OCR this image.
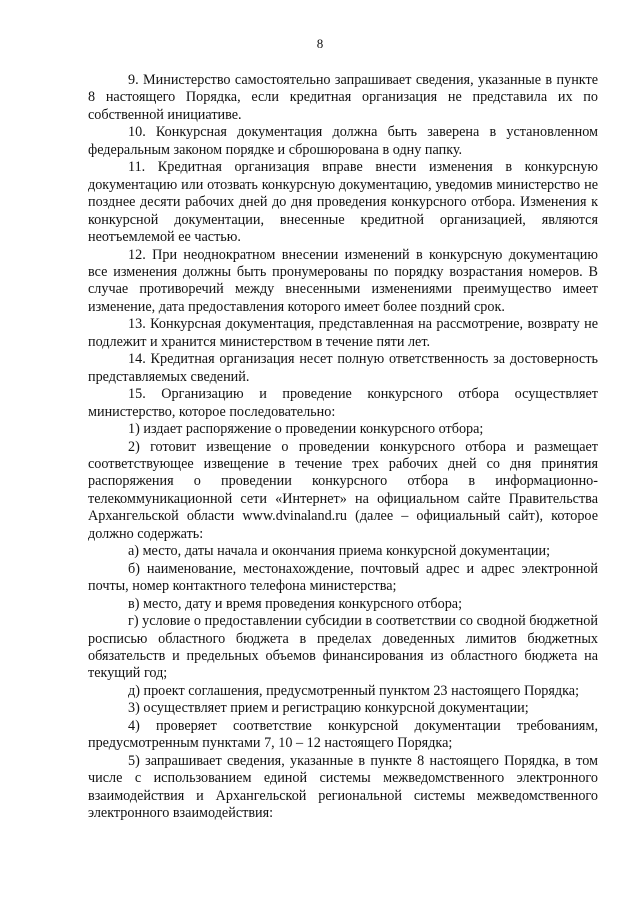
8

9. Министерство самостоятельно запрашивает сведения, указанные в пункте 8 настоящего Порядка, если кредитная организация не представила их по собственной инициативе.

10. Конкурсная документация должна быть заверена в установленном федеральным законом порядке и сброшюрована в одну папку.

11. Кредитная организация вправе внести изменения в конкурсную документацию или отозвать конкурсную документацию, уведомив министерство не позднее десяти рабочих дней до дня проведения конкурсного отбора. Изменения к конкурсной документации, внесенные кредитной организацией, являются неотъемлемой ее частью.

12. При неоднократном внесении изменений в конкурсную документацию все изменения должны быть пронумерованы по порядку возрастания номеров. В случае противоречий между внесенными изменениями преимущество имеет изменение, дата предоставления которого имеет более поздний срок.

13. Конкурсная документация, представленная на рассмотрение, возврату не подлежит и хранится министерством в течение пяти лет.

14. Кредитная организация несет полную ответственность за достоверность представляемых сведений.

15. Организацию и проведение конкурсного отбора осуществляет министерство, которое последовательно:

1) издает распоряжение о проведении конкурсного отбора;

2) готовит извещение о проведении конкурсного отбора и размещает соответствующее извещение в течение трех рабочих дней со дня принятия распоряжения о проведении конкурсного отбора в информационно-телекоммуникационной сети «Интернет» на официальном сайте Правительства Архангельской области www.dvinaland.ru (далее – официальный сайт), которое должно содержать:

а) место, даты начала и окончания приема конкурсной документации;

б) наименование, местонахождение, почтовый адрес и адрес электронной почты, номер контактного телефона министерства;

в) место, дату и время проведения конкурсного отбора;

г) условие о предоставлении субсидии в соответствии со сводной бюджетной росписью областного бюджета в пределах доведенных лимитов бюджетных обязательств и предельных объемов финансирования из областного бюджета на текущий год;

д) проект соглашения, предусмотренный пунктом 23 настоящего Порядка;

3) осуществляет прием и регистрацию конкурсной документации;

4) проверяет соответствие конкурсной документации требованиям, предусмотренным пунктами 7, 10 – 12 настоящего Порядка;

5) запрашивает сведения, указанные в пункте 8 настоящего Порядка, в том числе с использованием единой системы межведомственного электронного взаимодействия и Архангельской региональной системы межведомственного электронного взаимодействия:
